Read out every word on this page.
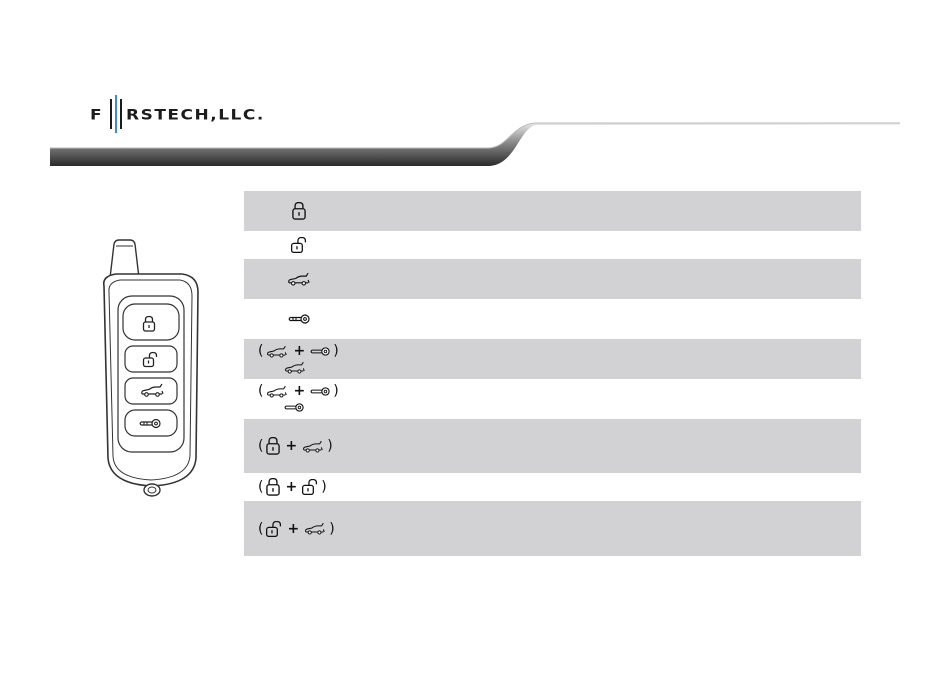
F RSTECH,LLC.
( + )
( + )
( + )
( + )
( + )
